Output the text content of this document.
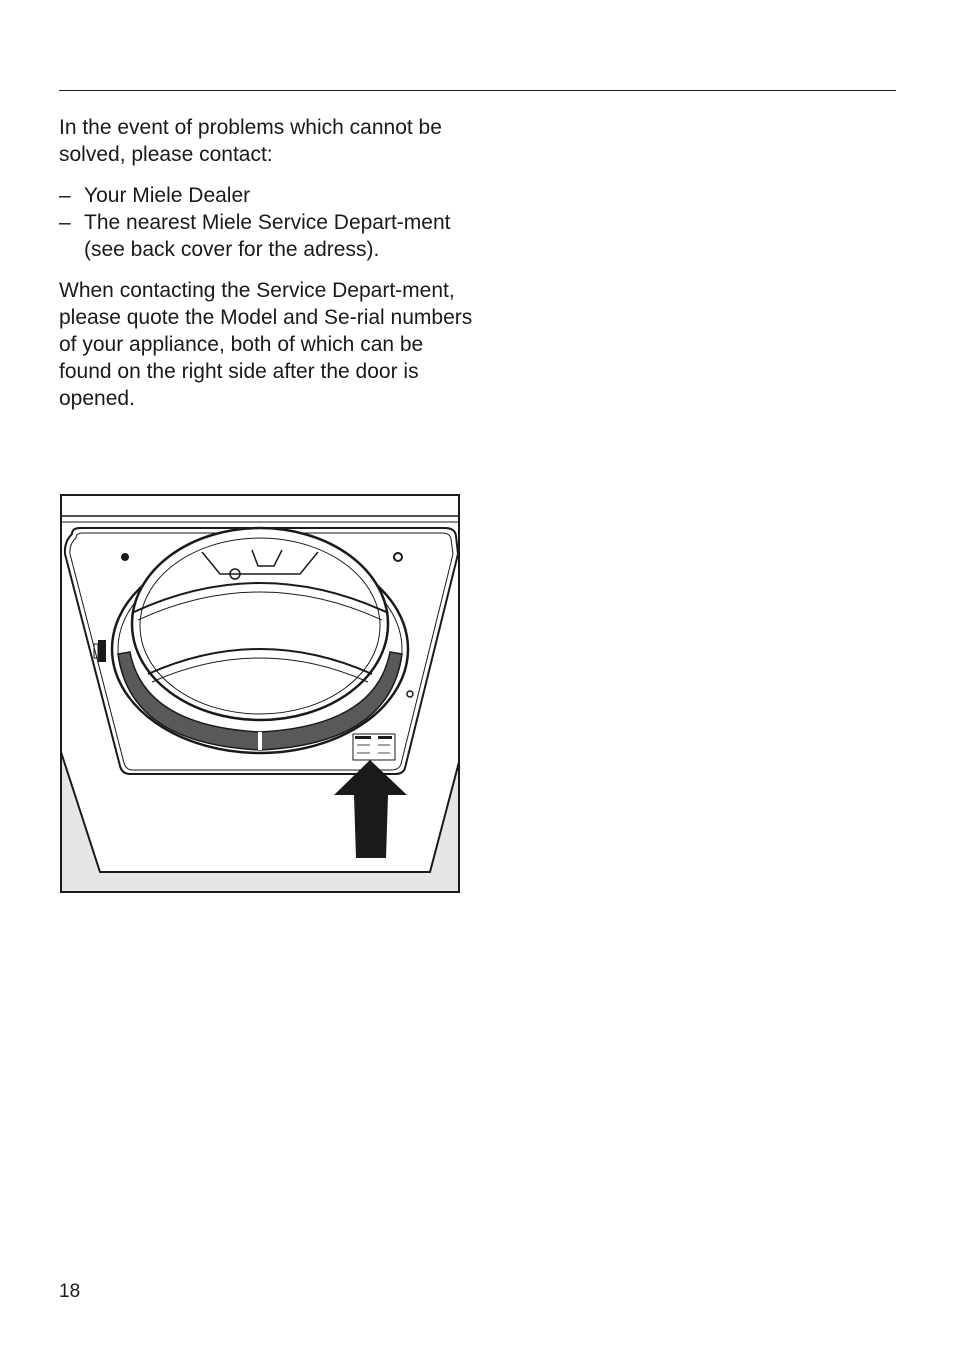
In the event of problems which cannot be solved, please contact:

– Your Miele Dealer
– The nearest Miele Service Depart-ment (see back cover for the adress).

When contacting the Service Depart-ment, please quote the Model and Se-rial numbers of your appliance, both of which can be found on the right side after the door is opened.

18
